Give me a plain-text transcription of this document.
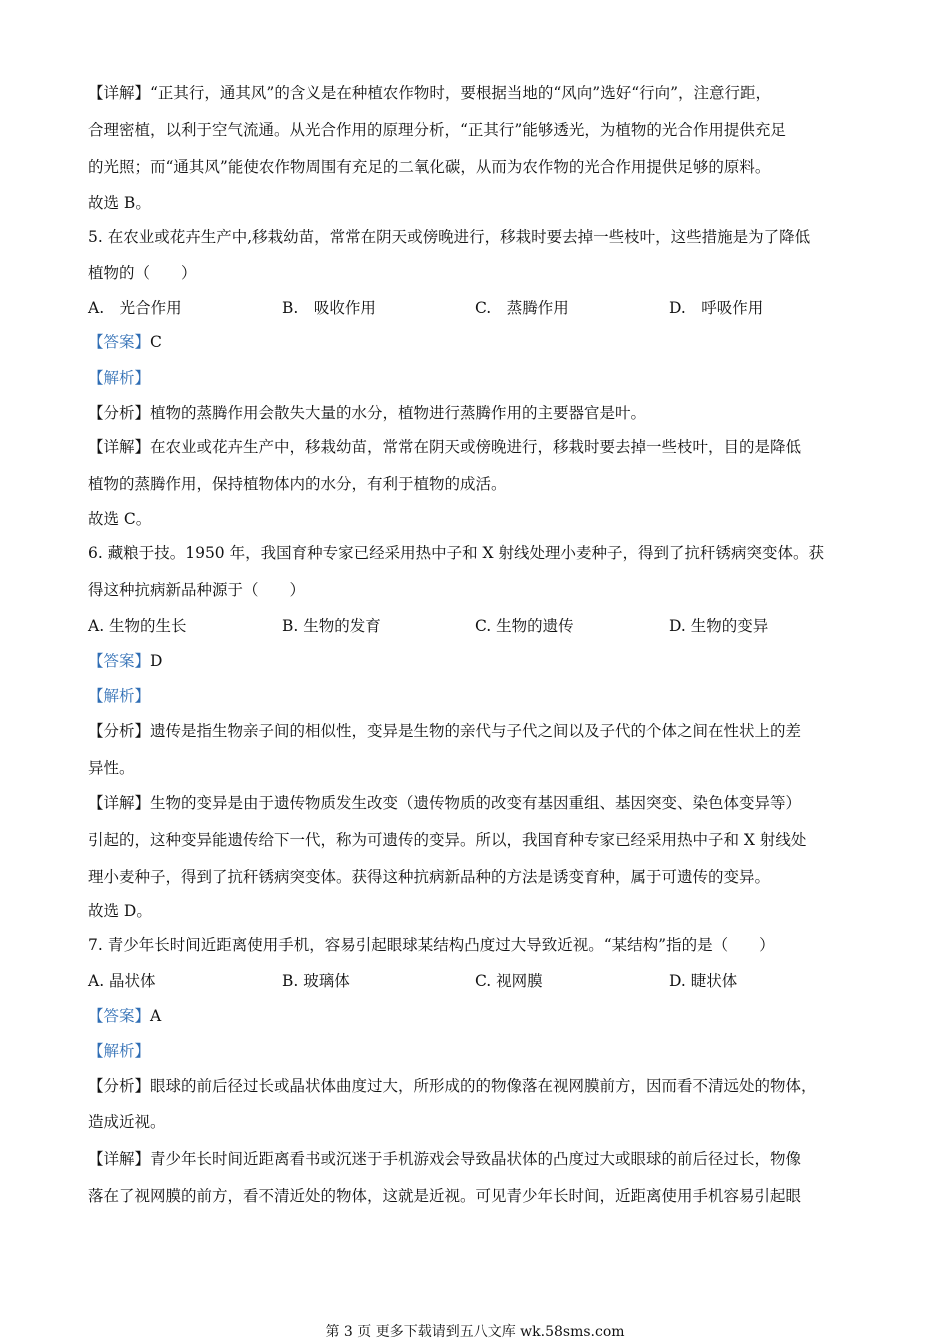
【详解】“正其行，通其风”的含义是在种植农作物时，要根据当地的“风向”选好“行向”，注意行距，
合理密植，以利于空气流通。从光合作用的原理分析，“正其行”能够透光，为植物的光合作用提供充足
的光照；而“通其风”能使农作物周围有充足的二氧化碳，从而为农作物的光合作用提供足够的原料。
故选 B。
5. 在农业或花卉生产中,移栽幼苗，常常在阴天或傍晚进行，移栽时要去掉一些枝叶，这些措施是为了降低
植物的（　　）
A.　光合作用	B.　吸收作用	C.　蒸腾作用	D.　呼吸作用
【答案】C
【解析】
【分析】植物的蒸腾作用会散失大量的水分，植物进行蒸腾作用的主要器官是叶。
【详解】在农业或花卉生产中，移栽幼苗，常常在阴天或傍晚进行，移栽时要去掉一些枝叶，目的是降低
植物的蒸腾作用，保持植物体内的水分，有利于植物的成活。
故选 C。
6. 藏粮于技。1950 年，我国育种专家已经采用热中子和 X 射线处理小麦种子，得到了抗秆锈病突变体。获
得这种抗病新品种源于（　　）
A. 生物的生长	B. 生物的发育	C. 生物的遗传	D. 生物的变异
【答案】D
【解析】
【分析】遗传是指生物亲子间的相似性，变异是生物的亲代与子代之间以及子代的个体之间在性状上的差
异性。
【详解】生物的变异是由于遗传物质发生改变（遗传物质的改变有基因重组、基因突变、染色体变异等）
引起的，这种变异能遗传给下一代，称为可遗传的变异。所以，我国育种专家已经采用热中子和 X 射线处
理小麦种子，得到了抗秆锈病突变体。获得这种抗病新品种的方法是诱变育种，属于可遗传的变异。
故选 D。
7. 青少年长时间近距离使用手机，容易引起眼球某结构凸度过大导致近视。“某结构”指的是（　　）
A. 晶状体	B. 玻璃体	C. 视网膜	D. 睫状体
【答案】A
【解析】
【分析】眼球的前后径过长或晶状体曲度过大，所形成的的物像落在视网膜前方，因而看不清远处的物体，
造成近视。
【详解】青少年长时间近距离看书或沉迷于手机游戏会导致晶状体的凸度过大或眼球的前后径过长，物像
落在了视网膜的前方，看不清近处的物体，这就是近视。可见青少年长时间，近距离使用手机容易引起眼
第 3 页 更多下载请到五八文库 wk.58sms.com
